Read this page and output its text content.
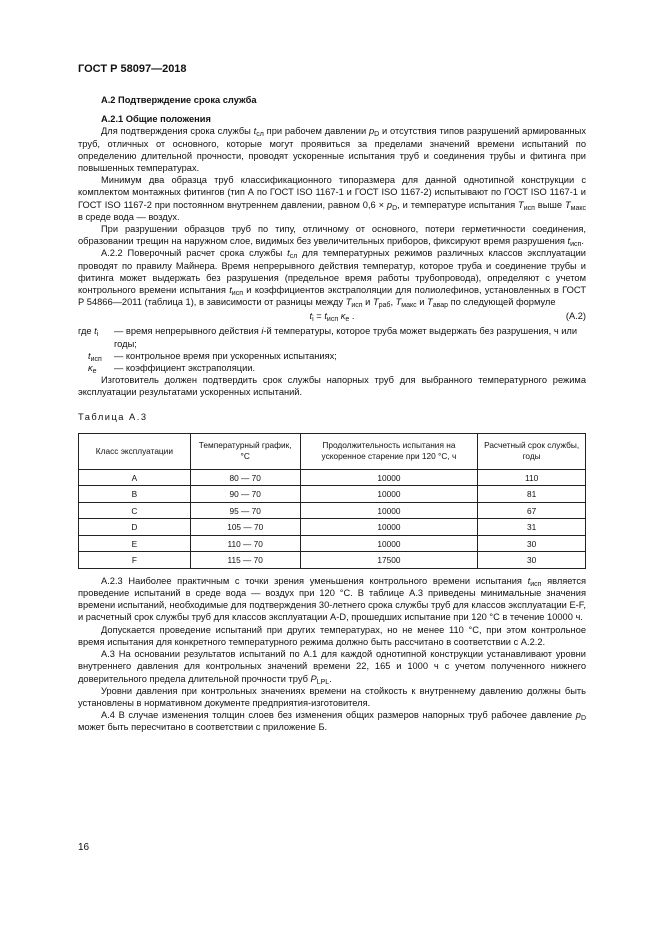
ГОСТ Р 58097—2018

А.2 Подтверждение срока служба

А.2.1 Общие положения

Для подтверждения срока службы $t_{сл}$ при рабочем давлении $p_D$ и отсутствия типов разрушений армированных труб, отличных от основного, которые могут проявиться за пределами значений времени испытаний по определению длительной прочности, проводят ускоренные испытания труб и соединения трубы и фитинга при повышенных температурах.

Минимум два образца труб классификационного типоразмера для данной однотипной конструкции с комплектом монтажных фитингов (тип А по ГОСТ ISO 1167-1 и ГОСТ ISO 1167-2) испытывают по ГОСТ ISO 1167-1 и ГОСТ ISO 1167-2 при постоянном внутреннем давлении, равном $0,6 \times p_D$, и температуре испытания $T_{исп}$ выше $T_{макс}$ в среде вода — воздух.

При разрушении образцов труб по типу, отличному от основного, потери герметичности соединения, образовании трещин на наружном слое, видимых без увеличительных приборов, фиксируют время разрушения $t_{исп}$.

А.2.2 Поверочный расчет срока службы $t_{сл}$ для температурных режимов различных классов эксплуатации проводят по правилу Майнера. Время непрерывного действия температур, которое труба и соединение трубы и фитинга может выдержать без разрушения (предельное время работы трубопровода), определяют с учетом контрольного времени испытания $t_{исп}$ и коэффициентов экстраполяции для полиолефинов, установленных в ГОСТ Р 54866—2011 (таблица 1), в зависимости от разницы между $T_{исп}$ и $T_{раб}$, $T_{макс}$ и $T_{авар}$ по следующей формуле

$t_i = t_{исп}$ $\kappa_e$ .	(А.2)
где $t_i$	— время непрерывного действия i-й температуры, которое труба может выдержать без разрушения, ч или годы;
$t_{исп}$	— контрольное время при ускоренных испытаниях;
$\kappa_e$	— коэффициент экстраполяции.

Изготовитель должен подтвердить срок службы напорных труб для выбранного температурного режима эксплуатации результатами ускоренных испытаний.

Таблица А.3
Класс эксплуатации	Температурный график, °С	Продолжительность испытания на ускоренное старение при 120 °С, ч	Расчетный срок службы, годы
А	80 — 70	10000	110
В	90 — 70	10000	81
С	95 — 70	10000	67
D	105 — 70	10000	31
Е	110 — 70	10000	30
F	115 — 70	17500	30

А.2.3 Наиболее практичным с точки зрения уменьшения контрольного времени испытания $t_{исп}$ является проведение испытаний в среде вода — воздух при 120 °С. В таблице А.3 приведены минимальные значения времени испытаний, необходимые для подтверждения 30-летнего срока службы труб для классов эксплуатации E-F, и расчетный срок службы труб для классов эксплуатации A-D, прошедших испытание при 120 °С в течение 10000 ч.

Допускается проведение испытаний при других температурах, но не менее 110 °С, при этом контрольное время испытания для конкретного температурного режима должно быть рассчитано в соответствии с А.2.2.

А.3 На основании результатов испытаний по А.1 для каждой однотипной конструкции устанавливают уровни внутреннего давления для контрольных значений времени 22, 165 и 1000 ч с учетом полученного нижнего доверительного предела длительной прочности труб $P_{LPL}$.

Уровни давления при контрольных значениях времени на стойкость к внутреннему давлению должны быть установлены в нормативном документе предприятия-изготовителя.

А.4 В случае изменения толщин слоев без изменения общих размеров напорных труб рабочее давление $p_D$ может быть пересчитано в соответствии с приложение Б.

16
